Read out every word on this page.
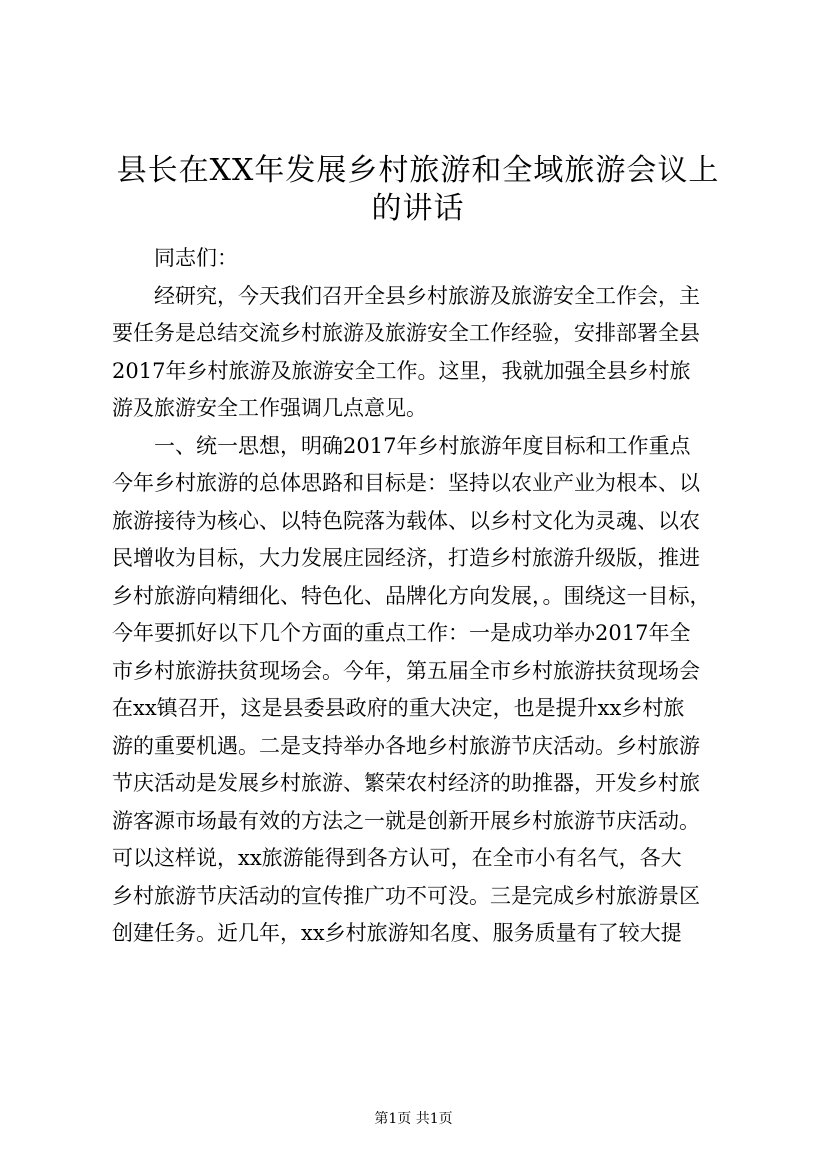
县长在XX年发展乡村旅游和全域旅游会议上
的讲话
同志们：
经研究，今天我们召开全县乡村旅游及旅游安全工作会，主
要任务是总结交流乡村旅游及旅游安全工作经验，安排部署全县
2017年乡村旅游及旅游安全工作。这里，我就加强全县乡村旅
游及旅游安全工作强调几点意见。
一、统一思想，明确2017年乡村旅游年度目标和工作重点
今年乡村旅游的总体思路和目标是：坚持以农业产业为根本、以
旅游接待为核心、以特色院落为载体、以乡村文化为灵魂、以农
民增收为目标，大力发展庄园经济，打造乡村旅游升级版，推进
乡村旅游向精细化、特色化、品牌化方向发展，。围绕这一目标，
今年要抓好以下几个方面的重点工作：一是成功举办2017年全
市乡村旅游扶贫现场会。今年，第五届全市乡村旅游扶贫现场会
在xx镇召开，这是县委县政府的重大决定，也是提升xx乡村旅
游的重要机遇。二是支持举办各地乡村旅游节庆活动。乡村旅游
节庆活动是发展乡村旅游、繁荣农村经济的助推器，开发乡村旅
游客源市场最有效的方法之一就是创新开展乡村旅游节庆活动。
可以这样说，xx旅游能得到各方认可，在全市小有名气，各大
乡村旅游节庆活动的宣传推广功不可没。三是完成乡村旅游景区
创建任务。近几年，xx乡村旅游知名度、服务质量有了较大提
第1页 共1页
